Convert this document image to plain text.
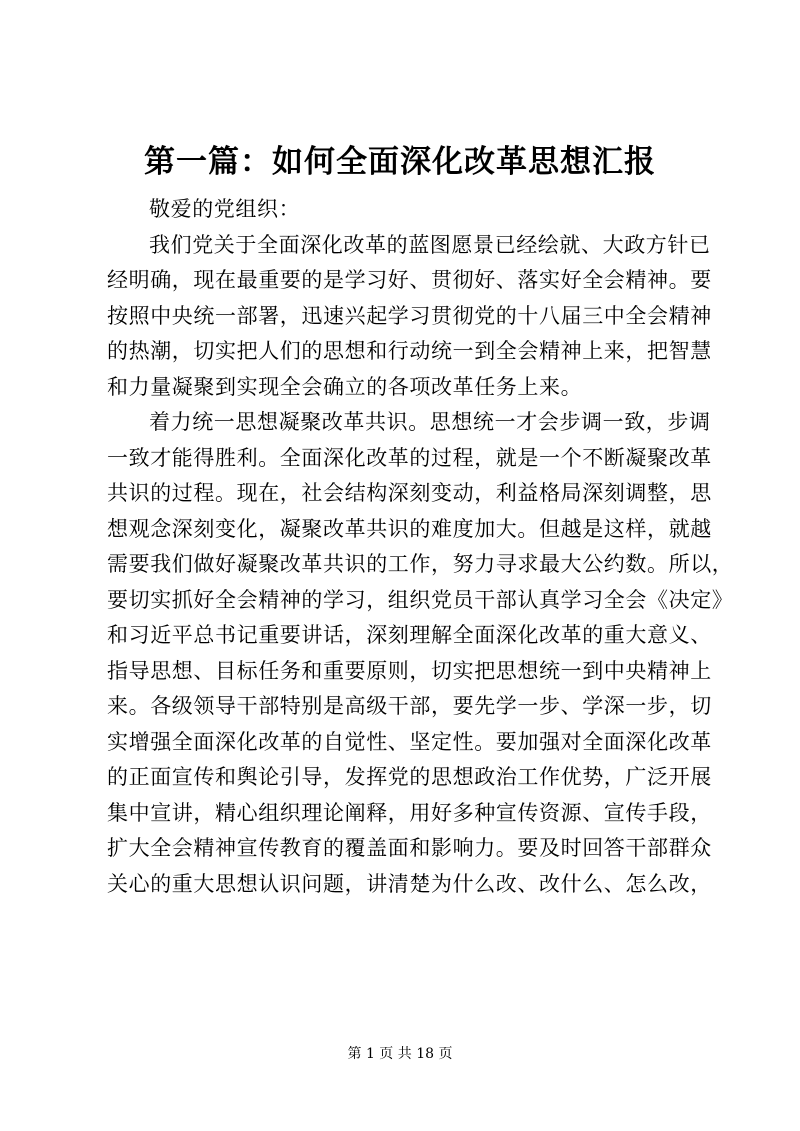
第一篇：如何全面深化改革思想汇报

敬爱的党组织：

我们党关于全面深化改革的蓝图愿景已经绘就、大政方针已
经明确，现在最重要的是学习好、贯彻好、落实好全会精神。要
按照中央统一部署，迅速兴起学习贯彻党的十八届三中全会精神
的热潮，切实把人们的思想和行动统一到全会精神上来，把智慧
和力量凝聚到实现全会确立的各项改革任务上来。

着力统一思想凝聚改革共识。思想统一才会步调一致，步调
一致才能得胜利。全面深化改革的过程，就是一个不断凝聚改革
共识的过程。现在，社会结构深刻变动，利益格局深刻调整，思
想观念深刻变化，凝聚改革共识的难度加大。但越是这样，就越
需要我们做好凝聚改革共识的工作，努力寻求最大公约数。所以，
要切实抓好全会精神的学习，组织党员干部认真学习全会《决定》
和习近平总书记重要讲话，深刻理解全面深化改革的重大意义、
指导思想、目标任务和重要原则，切实把思想统一到中央精神上
来。各级领导干部特别是高级干部，要先学一步、学深一步，切
实增强全面深化改革的自觉性、坚定性。要加强对全面深化改革
的正面宣传和舆论引导，发挥党的思想政治工作优势，广泛开展
集中宣讲，精心组织理论阐释，用好多种宣传资源、宣传手段，
扩大全会精神宣传教育的覆盖面和影响力。要及时回答干部群众
关心的重大思想认识问题，讲清楚为什么改、改什么、怎么改，

第 1 页 共 18 页
